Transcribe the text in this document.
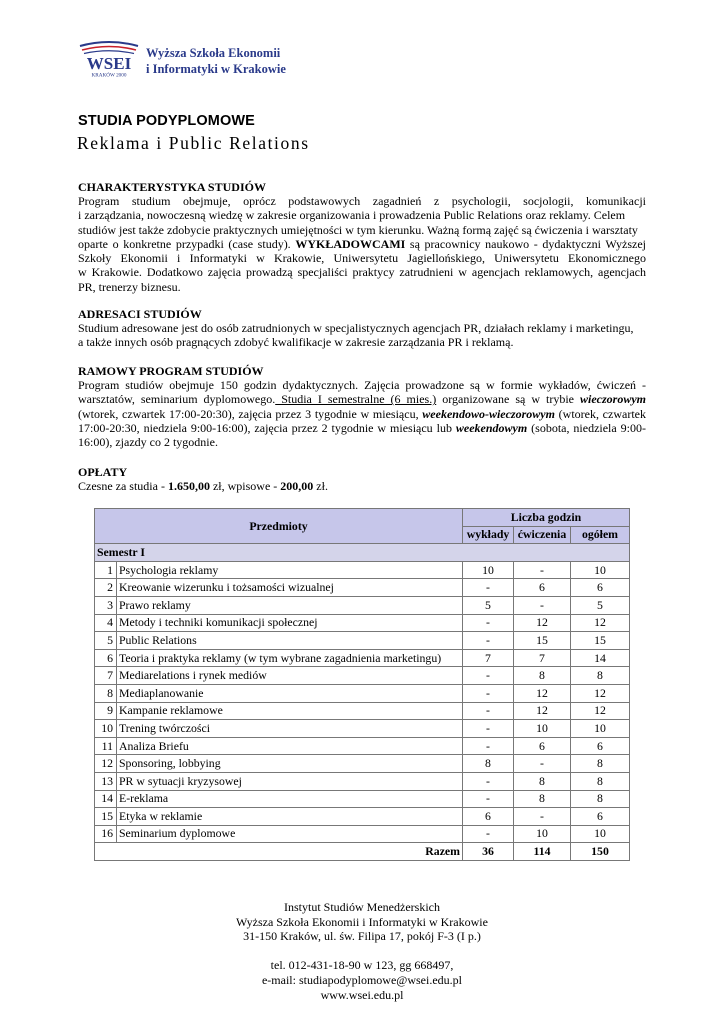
WSEI
KRAKÓW 2000
Wyższa Szkoła Ekonomii
i Informatyki w Krakowie
STUDIA PODYPLOMOWE
Reklama i Public Relations
CHARAKTERYSTYKA STUDIÓW
Program studium obejmuje, oprócz podstawowych zagadnień z psychologii, socjologii, komunikacji
i zarządzania, nowoczesną wiedzę w zakresie organizowania i prowadzenia Public Relations oraz reklamy. Celem
studiów jest także zdobycie praktycznych umiejętności w tym kierunku. Ważną formą zajęć są ćwiczenia i warsztaty
oparte o konkretne przypadki (case study). WYKŁADOWCAMI są pracownicy naukowo - dydaktyczni Wyższej
Szkoły Ekonomii i Informatyki w Krakowie, Uniwersytetu Jagiellońskiego, Uniwersytetu Ekonomicznego
w Krakowie. Dodatkowo zajęcia prowadzą specjaliści praktycy zatrudnieni w agencjach reklamowych, agencjach
PR, trenerzy biznesu.
ADRESACI STUDIÓW
Studium adresowane jest do osób zatrudnionych w specjalistycznych agencjach PR, działach reklamy i marketingu,
a także innych osób pragnących zdobyć kwalifikacje w zakresie zarządzania PR i reklamą.
RAMOWY PROGRAM STUDIÓW
Program studiów obejmuje 150 godzin dydaktycznych. Zajęcia prowadzone są w formie wykładów, ćwiczeń -
warsztatów, seminarium dyplomowego. Studia I semestralne (6 mies.) organizowane są w trybie wieczorowym
(wtorek, czwartek 17:00-20:30), zajęcia przez 3 tygodnie w miesiącu, weekendowo-wieczorowym (wtorek, czwartek
17:00-20:30, niedziela 9:00-16:00), zajęcia przez 2 tygodnie w miesiącu lub weekendowym (sobota, niedziela 9:00-
16:00), zjazdy co 2 tygodnie.
OPŁATY
Czesne za studia - 1.650,00 zł, wpisowe - 200,00 zł.
Przedmioty		Liczba godzin		
		wykłady	ćwiczenia	ogółem
Semestr I				
1	Psychologia reklamy	10	-	10
2	Kreowanie wizerunku i tożsamości wizualnej	-	6	6
3	Prawo reklamy	5	-	5
4	Metody i techniki komunikacji społecznej	-	12	12
5	Public Relations	-	15	15
6	Teoria i praktyka reklamy (w tym wybrane zagadnienia marketingu)	7	7	14
7	Mediarelations i rynek mediów	-	8	8
8	Mediaplanowanie	-	12	12
9	Kampanie reklamowe	-	12	12
10	Trening twórczości	-	10	10
11	Analiza Briefu	-	6	6
12	Sponsoring, lobbying	8	-	8
13	PR w sytuacji kryzysowej	-	8	8
14	E-reklama	-	8	8
15	Etyka w reklamie	6	-	6
16	Seminarium dyplomowe	-	10	10
Razem		36	114	150
Instytut Studiów Menedżerskich
Wyższa Szkoła Ekonomii i Informatyki w Krakowie
31-150 Kraków, ul. św. Filipa 17, pokój F-3 (I p.)
tel. 012-431-18-90 w 123, gg 668497,
e-mail: studiapodyplomowe@wsei.edu.pl
www.wsei.edu.pl
